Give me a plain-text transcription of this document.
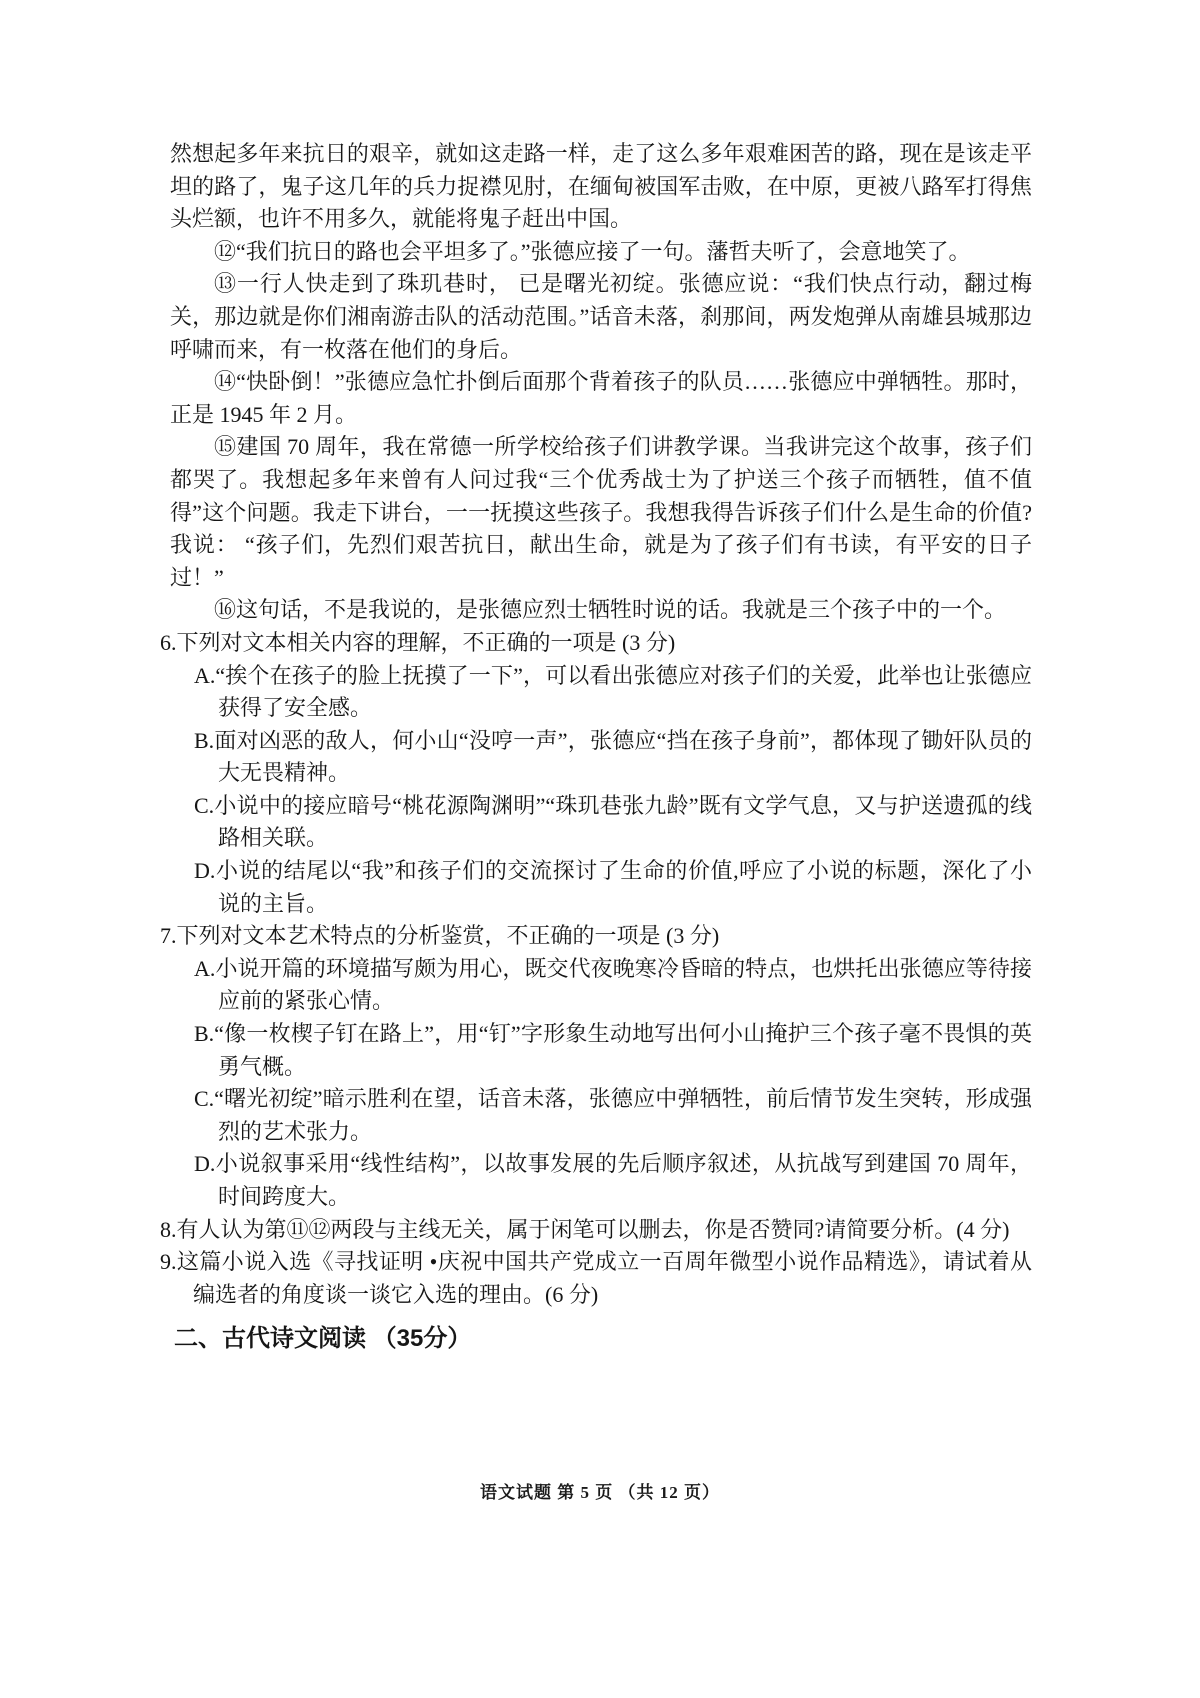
然想起多年来抗日的艰辛，就如这走路一样，走了这么多年艰难困苦的路，现在是该走平坦的路了，鬼子这几年的兵力捉襟见肘，在缅甸被国军击败，在中原，更被八路军打得焦头烂额，也许不用多久，就能将鬼子赶出中国。

⑫“我们抗日的路也会平坦多了。”张德应接了一句。藩哲夫听了，会意地笑了。

⑬一行人快走到了珠玑巷时， 已是曙光初绽。张德应说：“我们快点行动，翻过梅关，那边就是你们湘南游击队的活动范围。”话音未落，刹那间，两发炮弹从南雄县城那边呼啸而来，有一枚落在他们的身后。

⑭“快卧倒！”张德应急忙扑倒后面那个背着孩子的队员……张德应中弹牺牲。那时，正是 1945 年 2 月。

⑮建国 70 周年，我在常德一所学校给孩子们讲教学课。当我讲完这个故事，孩子们都哭了。我想起多年来曾有人问过我“三个优秀战士为了护送三个孩子而牺牲，值不值得”这个问题。我走下讲台，一一抚摸这些孩子。我想我得告诉孩子们什么是生命的价值?我说： “孩子们，先烈们艰苦抗日，献出生命，就是为了孩子们有书读，有平安的日子过！”

⑯这句话，不是我说的，是张德应烈士牺牲时说的话。我就是三个孩子中的一个。

6.下列对文本相关内容的理解，不正确的一项是 (3 分)

A.“挨个在孩子的脸上抚摸了一下”，可以看出张德应对孩子们的关爱，此举也让张德应获得了安全感。

B.面对凶恶的敌人，何小山“没哼一声”，张德应“挡在孩子身前”，都体现了锄奸队员的大无畏精神。

C.小说中的接应暗号“桃花源陶渊明”“珠玑巷张九龄”既有文学气息，又与护送遗孤的线路相关联。

D.小说的结尾以“我”和孩子们的交流探讨了生命的价值,呼应了小说的标题，深化了小说的主旨。

7.下列对文本艺术特点的分析鉴赏，不正确的一项是 (3 分)

A.小说开篇的环境描写颇为用心，既交代夜晚寒冷昏暗的特点，也烘托出张德应等待接应前的紧张心情。

B.“像一枚楔子钉在路上”，用“钉”字形象生动地写出何小山掩护三个孩子毫不畏惧的英勇气概。

C.“曙光初绽”暗示胜利在望，话音未落，张德应中弹牺牲，前后情节发生突转，形成强烈的艺术张力。

D.小说叙事采用“线性结构”，以故事发展的先后顺序叙述，从抗战写到建国 70 周年，时间跨度大。

8.有人认为第⑪⑫两段与主线无关，属于闲笔可以删去，你是否赞同?请简要分析。(4 分)

9.这篇小说入选《寻找证明 •庆祝中国共产党成立一百周年微型小说作品精选》，请试着从编选者的角度谈一谈它入选的理由。(6 分)

二、古代诗文阅读 （35分）
语文试题 第 5 页 （共 12 页）
